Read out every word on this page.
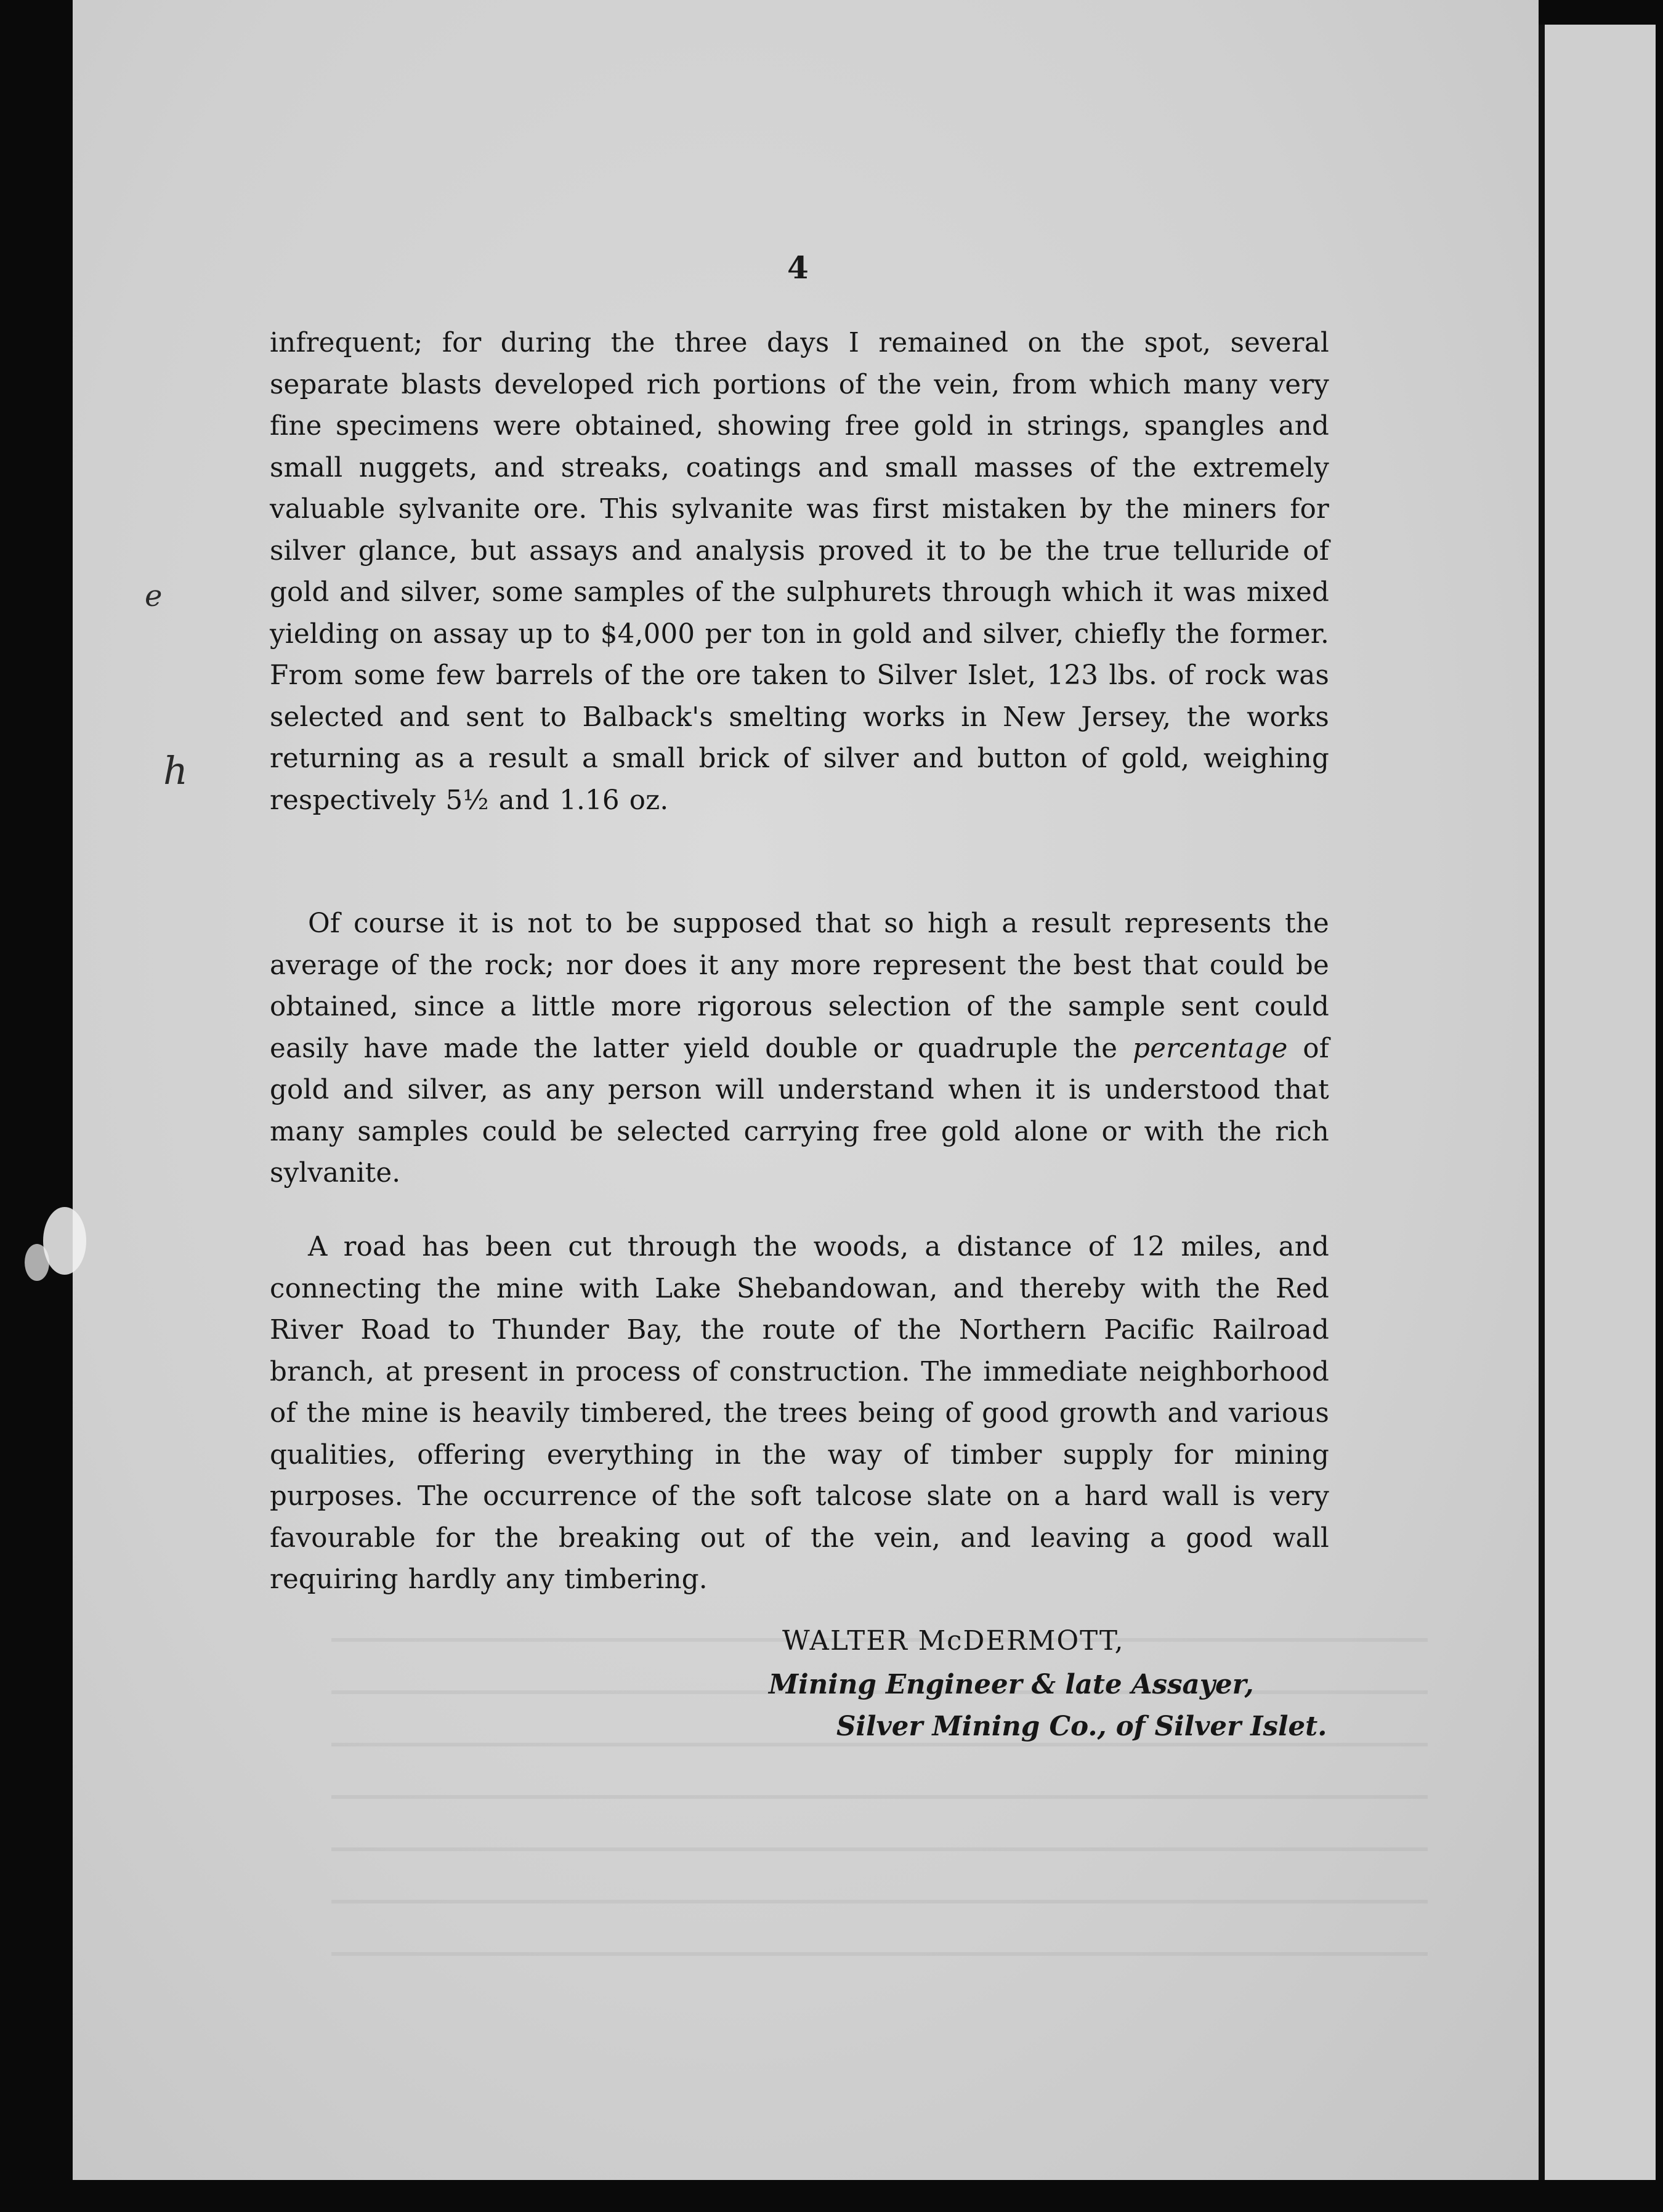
4

infrequent; for during the three days I remained on the spot, several separate blasts developed rich portions of the vein, from which many very fine specimens were obtained, showing free gold in strings, spangles and small nuggets, and streaks, coatings and small masses of the extremely valuable sylvanite ore. This sylvanite was first mistaken by the miners for silver glance, but assays and analysis proved it to be the true telluride of gold and silver, some samples of the sulphurets through which it was mixed yielding on assay up to $4,000 per ton in gold and silver, chiefly the former. From some few barrels of the ore taken to Silver Islet, 123 lbs. of rock was selected and sent to Balback's smelting works in New Jersey, the works returning as a result a small brick of silver and button of gold, weighing respectively 5½ and 1.16 oz.

Of course it is not to be supposed that so high a result represents the average of the rock; nor does it any more represent the best that could be obtained, since a little more rigorous selection of the sample sent could easily have made the latter yield double or quadruple the percentage of gold and silver, as any person will understand when it is understood that many samples could be selected carrying free gold alone or with the rich sylvanite.

A road has been cut through the woods, a distance of 12 miles, and connecting the mine with Lake Shebandowan, and thereby with the Red River Road to Thunder Bay, the route of the Northern Pacific Railroad branch, at present in process of construction. The immediate neighborhood of the mine is heavily timbered, the trees being of good growth and various qualities, offering everything in the way of timber supply for mining purposes. The occurrence of the soft talcose slate on a hard wall is very favourable for the breaking out of the vein, and leaving a good wall requiring hardly any timbering.

WALTER McDERMOTT,
Mining Engineer & late Assayer,
Silver Mining Co., of Silver Islet.
e
h
